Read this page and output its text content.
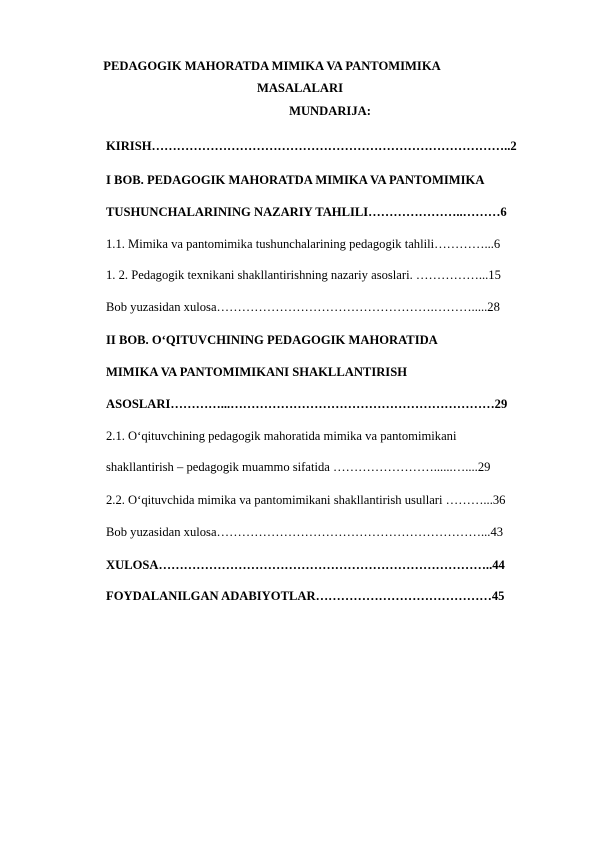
PEDAGOGIK MAHORATDA MIMIKA VA PANTOMIMIKA
MASALALARI
MUNDARIJA:
KIRISH…………………………………………………………………………..2
I BOB. PEDAGOGIK MAHORATDA MIMIKA VA PANTOMIMIKA
TUSHUNCHALARINING NAZARIY TAHLILI…………………..………6
1.1. Mimika va pantomimika tushunchalarining pedagogik tahlili…………...6
1. 2. Pedagogik texnikani shakllantirishning nazariy asoslari. ……………...15
Bob yuzasidan xulosa…………………………………………….……….....28
II BOB. O‘QITUVCHINING PEDAGOGIK MAHORATIDA
MIMIKA VA PANTOMIMIKANI SHAKLLANTIRISH
ASOSLARI…………...………………………………………………………29
2.1. O‘qituvchining pedagogik mahoratida mimika va pantomimikani
shakllantirish – pedagogik muammo sifatida ……………………......…....29
2.2. O‘qituvchida mimika va pantomimikani shakllantirish usullari ………...36
Bob yuzasidan xulosa………………………………………………………...43
XULOSA……………………………………………………………………..44
FOYDALANILGAN ADABIYOTLAR……………………………………45
